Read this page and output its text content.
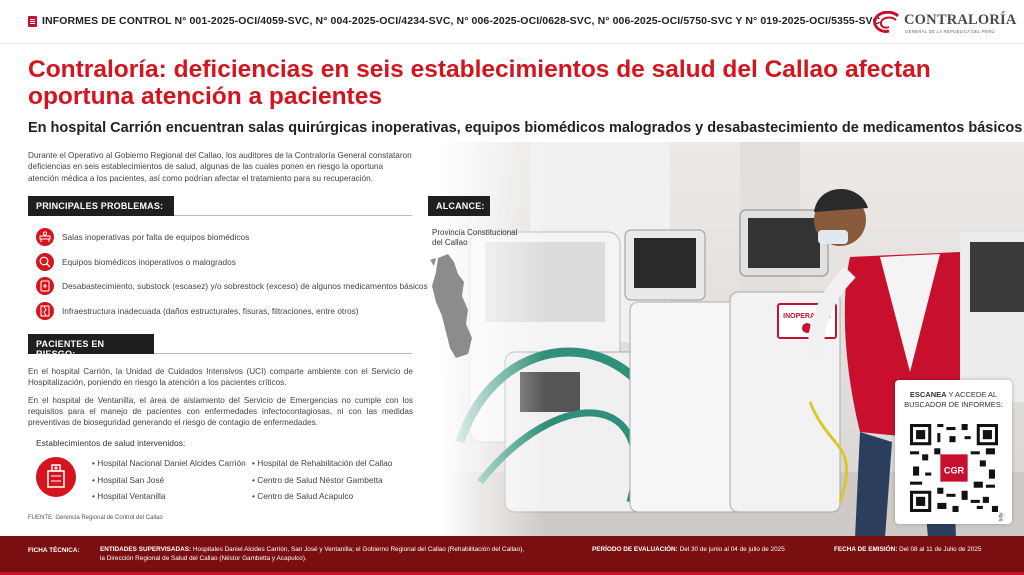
INFORMES DE CONTROL N° 001-2025-OCI/4059-SVC, N° 004-2025-OCI/4234-SVC, N° 006-2025-OCI/0628-SVC, N° 006-2025-OCI/5750-SVC Y N° 019-2025-OCI/5355-SVC CONTRALORÍA
GENERAL DE LA REPÚBLICA DEL PERÚ
Contraloría: deficiencias en seis establecimientos de salud del Callao afectan oportuna atención a pacientes
En hospital Carrión encuentran salas quirúrgicas inoperativas, equipos biomédicos malogrados y desabastecimiento de medicamentos básicos
Durante el Operativo al Gobierno Regional del Callao, los auditores de la Contraloría General constataron deficiencias en seis establecimientos de salud, algunas de las cuales ponen en riesgo la oportuna atención médica a los pacientes, así como podrían afectar el tratamiento para su recuperación.
PRINCIPALES PROBLEMAS:
Salas inoperativas por falta de equipos biomédicos
Equipos biomédicos inoperativos o malogrados
Desabastecimiento, substock (escasez) y/o sobrestock (exceso) de algunos medicamentos básicos
Infraestructura inadecuada (daños estructurales, fisuras, filtraciones, entre otros)
PACIENTES EN RIESGO:
En el hospital Carrión, la Unidad de Cuidados Intensivos (UCI) comparte ambiente con el Servicio de Hospitalización, poniendo en riesgo la atención a los pacientes críticos.
En el hospital de Ventanilla, el área de aislamiento del Servicio de Emergencias no cumple con los requisitos para el manejo de pacientes con enfermedades infectocontagiosas, ni con las medidas preventivas de bioseguridad generando el riesgo de contagio de enfermedades.
Establecimientos de salud intervenidos:
• Hospital Nacional Daniel Alcides Carrión
• Hospital San José
• Hospital Ventanilla
• Hospital de Rehabilitación del Callao
• Centro de Salud Néstor Gambetta
• Centro de Salud Acapulco
FUENTE: Gerencia Regional de Control del Callao
ALCANCE:
Provincia Constitucional
del Callao
ESCANEA Y ACCEDE AL
BUSCADOR DE INFORMES:
CGR
bitly
FICHA TÉCNICA:	ENTIDADES SUPERVISADAS: Hospitales Daniel Alcides Carrión, San José y Ventanilla; el Gobierno Regional del Callao (Rehabilitación del Callao),
la Dirección Regional de Salud del Callao (Néstor Gambetta y Acapulco).
PERÍODO DE EVALUACIÓN: Del 30 de junio al 04 de julio de 2025	FECHA DE EMISIÓN: Del 08 al 11 de Julio de 2025
